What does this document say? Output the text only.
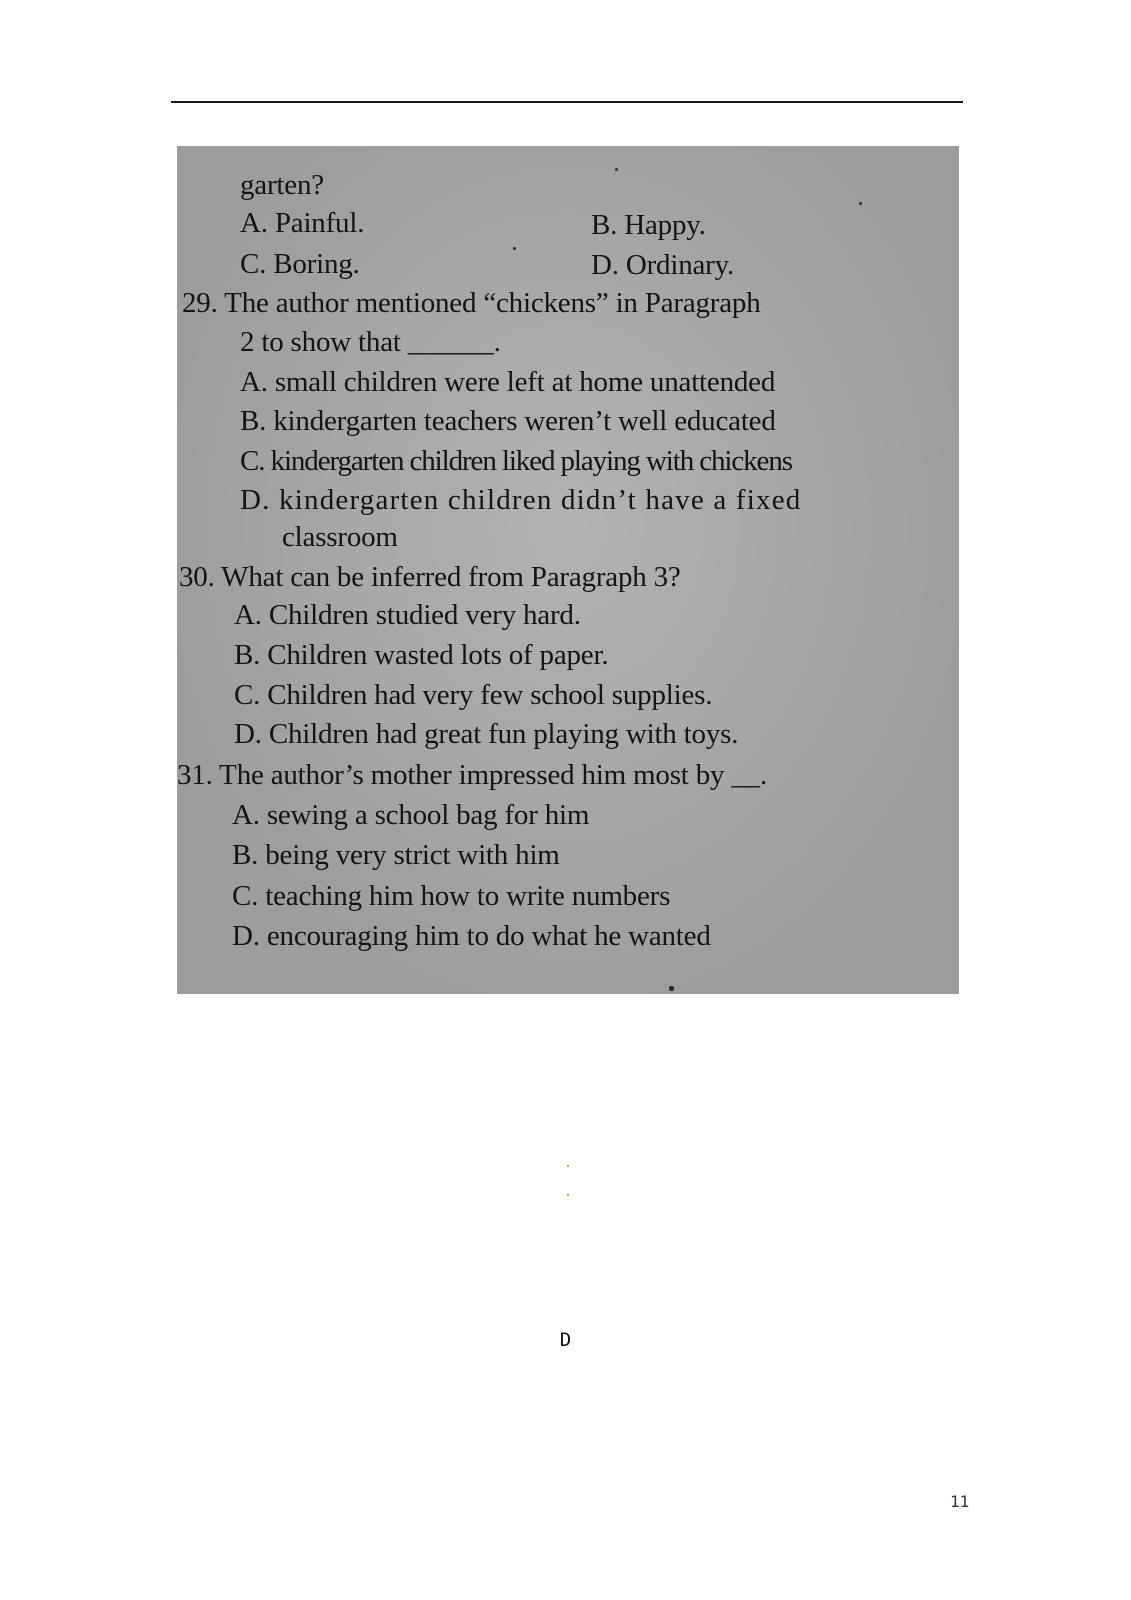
69.
. . . .
not
41
garten?
A. Painful.	B. Happy.
C. Boring.	D. Ordinary.
29. The author mentioned “chickens” in Paragraph
2 to show that ______.
A. small children were left at home unattended
B. kindergarten teachers weren’t well educated
C. kindergarten children liked playing with chickens
D. kindergarten children didn’t have a fixed
classroom
30. What can be inferred from Paragraph 3?
A. Children studied very hard.
B. Children wasted lots of paper.
C. Children had very few school supplies.
D. Children had great fun playing with toys.
31. The author’s mother impressed him most by __.
A. sewing a school bag for him
B. being very strict with him
C. teaching him how to write numbers
D. encouraging him to do what he wanted
D
11
